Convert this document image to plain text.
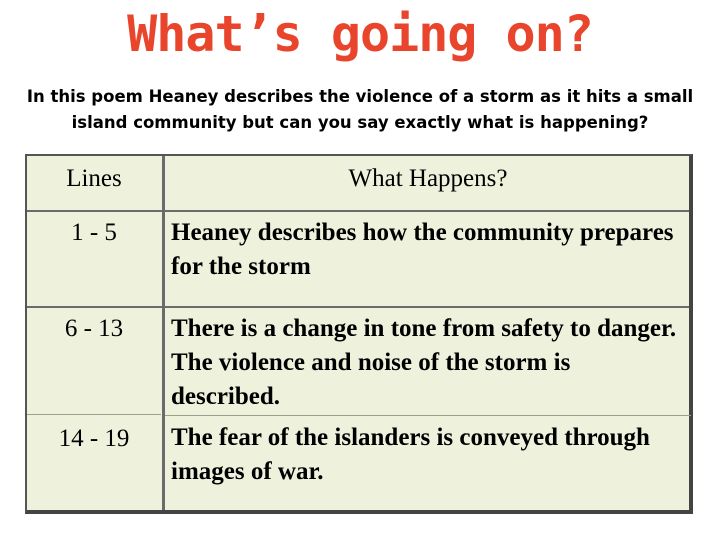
What’s going on?
In this poem Heaney describes the violence of a storm as it hits a small island community but can you say exactly what is happening?
Lines	What Happens?
1 - 5	Heaney describes how the community prepares for the storm
6 - 13	There is a change in tone from safety to danger. The violence and noise of the storm is described.
14 - 19	The fear of the islanders is conveyed through images of war.
